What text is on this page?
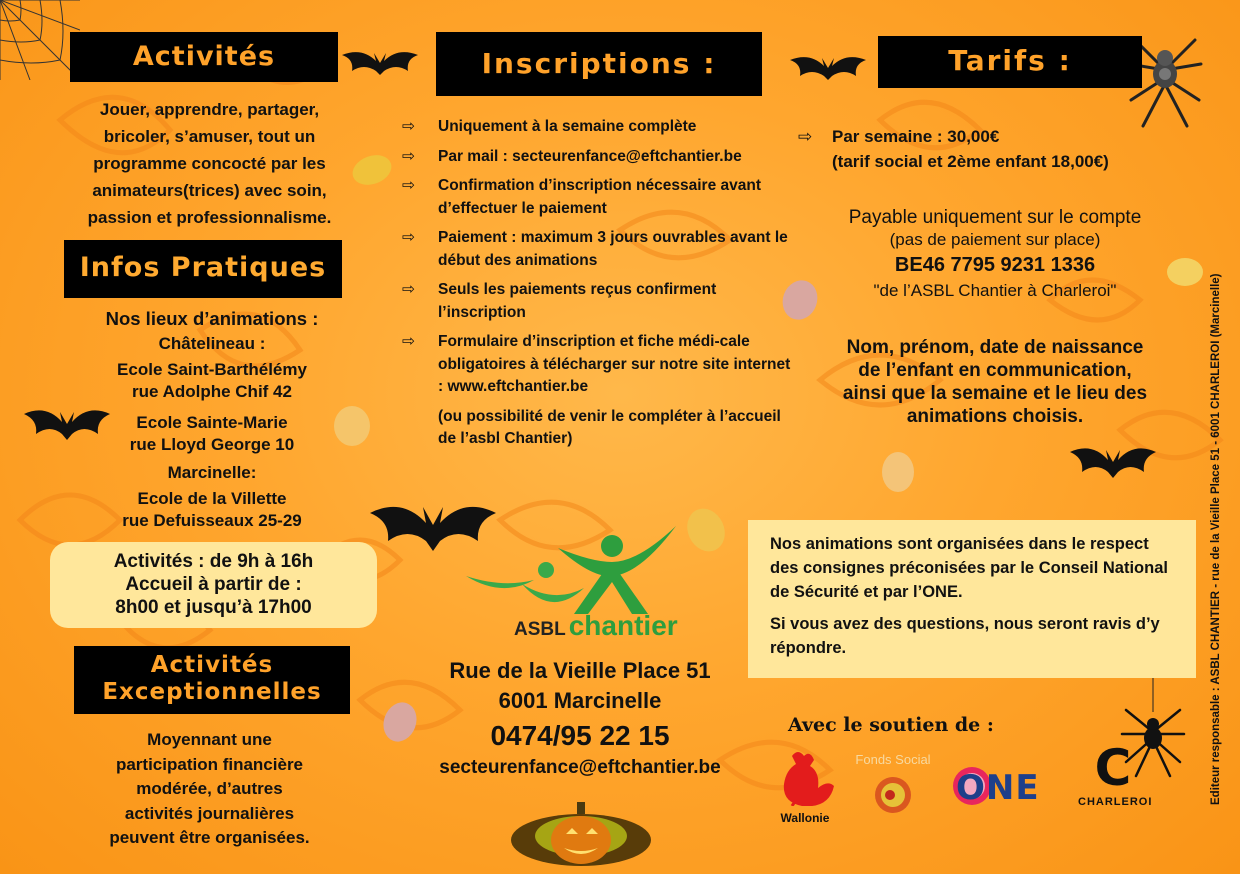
Activités
Jouer, apprendre, partager,
bricoler, s’amuser, tout un
programme concocté par les
animateurs(trices) avec soin,
passion et professionnalisme.
Infos Pratiques
Nos lieux d’animations :
Châtelineau :
Ecole Saint-Barthélémy
rue Adolphe Chif 42
Ecole Sainte-Marie
rue Lloyd George 10
Marcinelle:
Ecole de la Villette
rue Defuisseaux 25-29
Activités : de 9h à 16h
Accueil à partir de :
8h00 et jusqu’à 17h00
Activités
Exceptionnelles
Moyennant une
participation financière
modérée, d’autres
activités journalières
peuvent être organisées.
Inscriptions :
⇨ Uniquement à la semaine complète
⇨ Par mail : secteurenfance@eftchantier.be
⇨ Confirmation d’inscription nécessaire avant d’effectuer le paiement
⇨ Paiement : maximum 3 jours ouvrables avant le début des animations
⇨ Seuls les paiements reçus confirment l’inscription
⇨ Formulaire d’inscription et fiche médi-cale obligatoires à télécharger sur notre site internet : www.eftchantier.be
(ou possibilité de venir le compléter à l’accueil de l’asbl Chantier)
ASBL chantier
Rue de la Vieille Place 51
6001 Marcinelle
0474/95 22 15
secteurenfance@eftchantier.be
Tarifs :
⇨ Par semaine : 30,00€
(tarif social et 2ème enfant 18,00€)
Payable uniquement sur le compte
(pas de paiement sur place)
BE46 7795 9231 1336
"de l’ASBL Chantier à Charleroi"
Nom, prénom, date de naissance
de l’enfant en communication,
ainsi que la semaine et le lieu des
animations choisis.
Nos animations sont organisées dans le respect des consignes préconisées par le Conseil National de Sécurité et par l’ONE.
Si vous avez des questions, nous seront ravis d’y répondre.
Avec le soutien de :
Wallonie
Fonds Social
ONE	C
CHARLEROI	Editeur responsable : ASBL CHANTIER - rue de la Vieille Place 51 - 6001 CHARLEROI (Marcinelle)
